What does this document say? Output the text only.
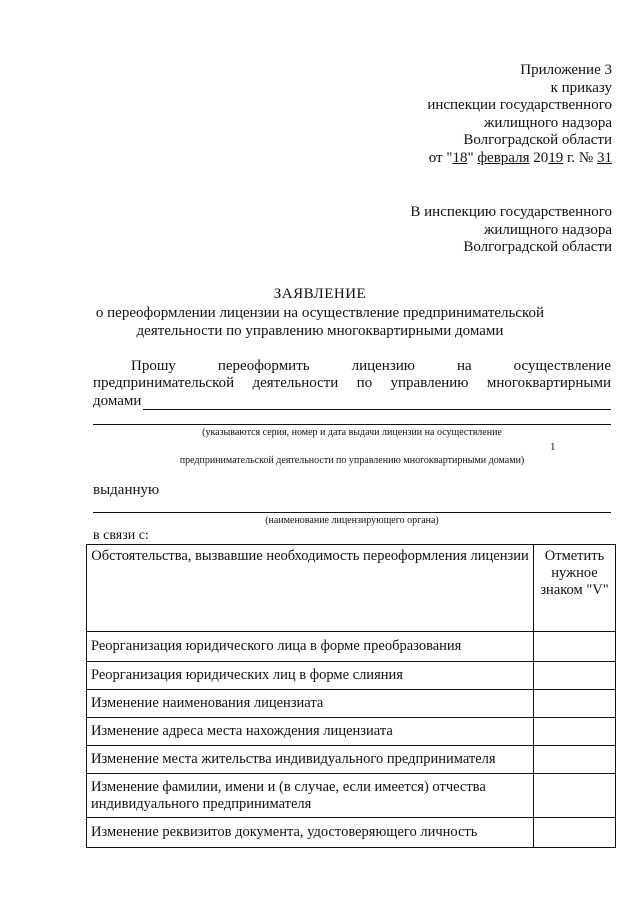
Приложение 3
к приказу
инспекции государственного
жилищного надзора
Волгоградской области
от "18" февраля 2019 г. № 31
В инспекцию государственного
жилищного надзора
Волгоградской области
ЗАЯВЛЕНИЕ
о переоформлении лицензии на осуществление предпринимательской
деятельности по управлению многоквартирными домами
Прошу	переоформить	лицензию	на	осуществление
предпринимательской деятельности по управлению многоквартирными
домами
(указываются серия, номер и дата выдачи лицензии на осуществление
1
предпринимательской деятельности по управлению многоквартирными домами)
выданную
(наименование лицензирующего органа)
в связи с:
Обстоятельства, вызвавшие необходимость переоформления лицензии	Отметить нужное знаком "V"
Реорганизация юридического лица в форме преобразования	
Реорганизация юридических лиц в форме слияния	
Изменение наименования лицензиата	
Изменение адреса места нахождения лицензиата	
Изменение места жительства индивидуального предпринимателя	
Изменение фамилии, имени и (в случае, если имеется) отчества индивидуального предпринимателя	
Изменение реквизитов документа, удостоверяющего личность	
